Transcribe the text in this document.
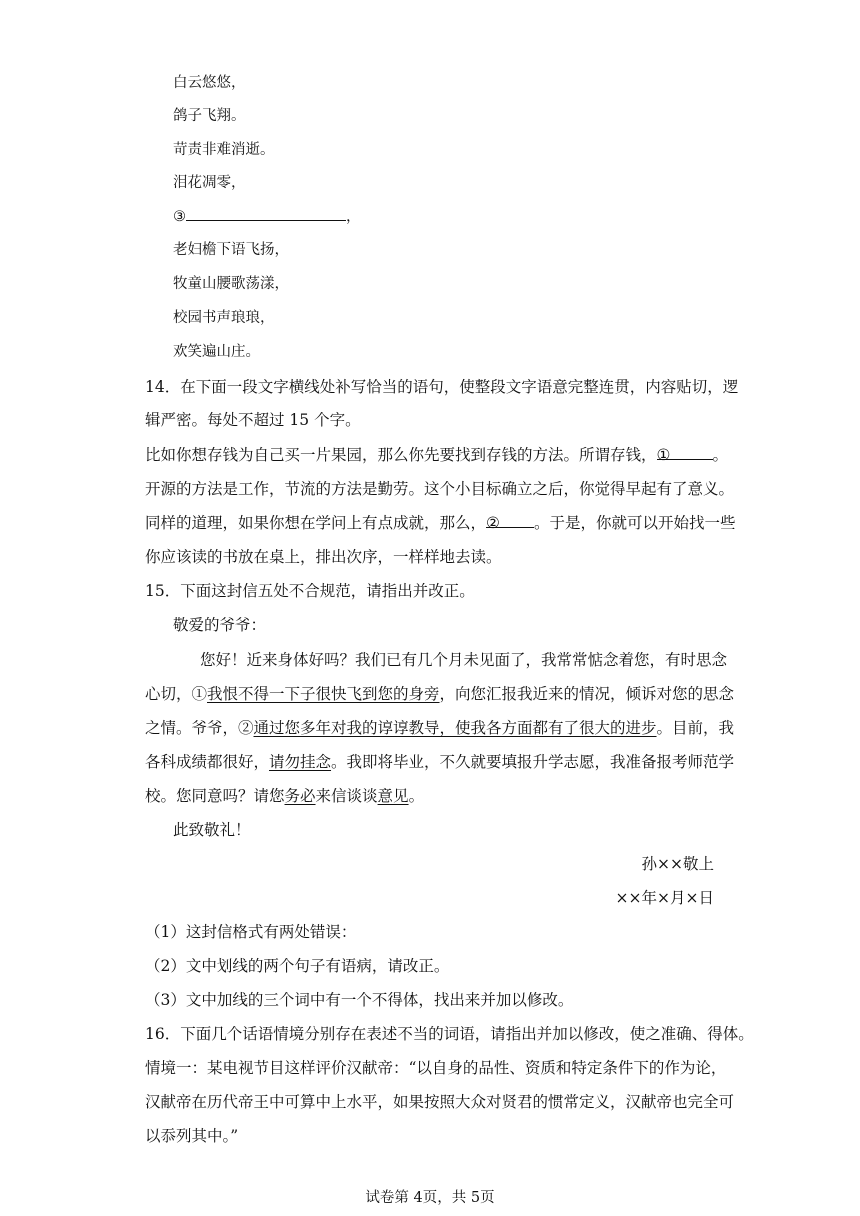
白云悠悠，
鸽子飞翔。
苛责非难消逝。
泪花凋零，
③	，
老妇檐下语飞扬，
牧童山腰歌荡漾，
校园书声琅琅，
欢笑遍山庄。
14．在下面一段文字横线处补写恰当的语句，使整段文字语意完整连贯，内容贴切，逻
辑严密。每处不超过 15 个字。
比如你想存钱为自己买一片果园，那么你先要找到存钱的方法。所谓存钱，①	。
开源的方法是工作，节流的方法是勤劳。这个小目标确立之后，你觉得早起有了意义。
同样的道理，如果你想在学问上有点成就，那么，② 。于是，你就可以开始找一些
你应该读的书放在桌上，排出次序，一样样地去读。
15．下面这封信五处不合规范，请指出并改正。
敬爱的爷爷：
您好！近来身体好吗？我们已有几个月未见面了，我常常惦念着您，有时思念
心切，①我恨不得一下子很快飞到您的身旁，向您汇报我近来的情况，倾诉对您的思念
之情。爷爷，②通过您多年对我的谆谆教导，使我各方面都有了很大的进步。目前，我
各科成绩都很好，请勿挂念。我即将毕业，不久就要填报升学志愿，我准备报考师范学
校。您同意吗？请您务必来信谈谈意见。
此致敬礼！
孙××敬上
××年×月×日
（1）这封信格式有两处错误：
（2）文中划线的两个句子有语病，请改正。
（3）文中加线的三个词中有一个不得体，找出来并加以修改。
16．下面几个话语情境分别存在表述不当的词语，请指出并加以修改，使之准确、得体。
情境一：某电视节目这样评价汉献帝：“以自身的品性、资质和特定条件下的作为论，
汉献帝在历代帝王中可算中上水平，如果按照大众对贤君的惯常定义，汉献帝也完全可
以忝列其中。”
试卷第 4页，共 5页
